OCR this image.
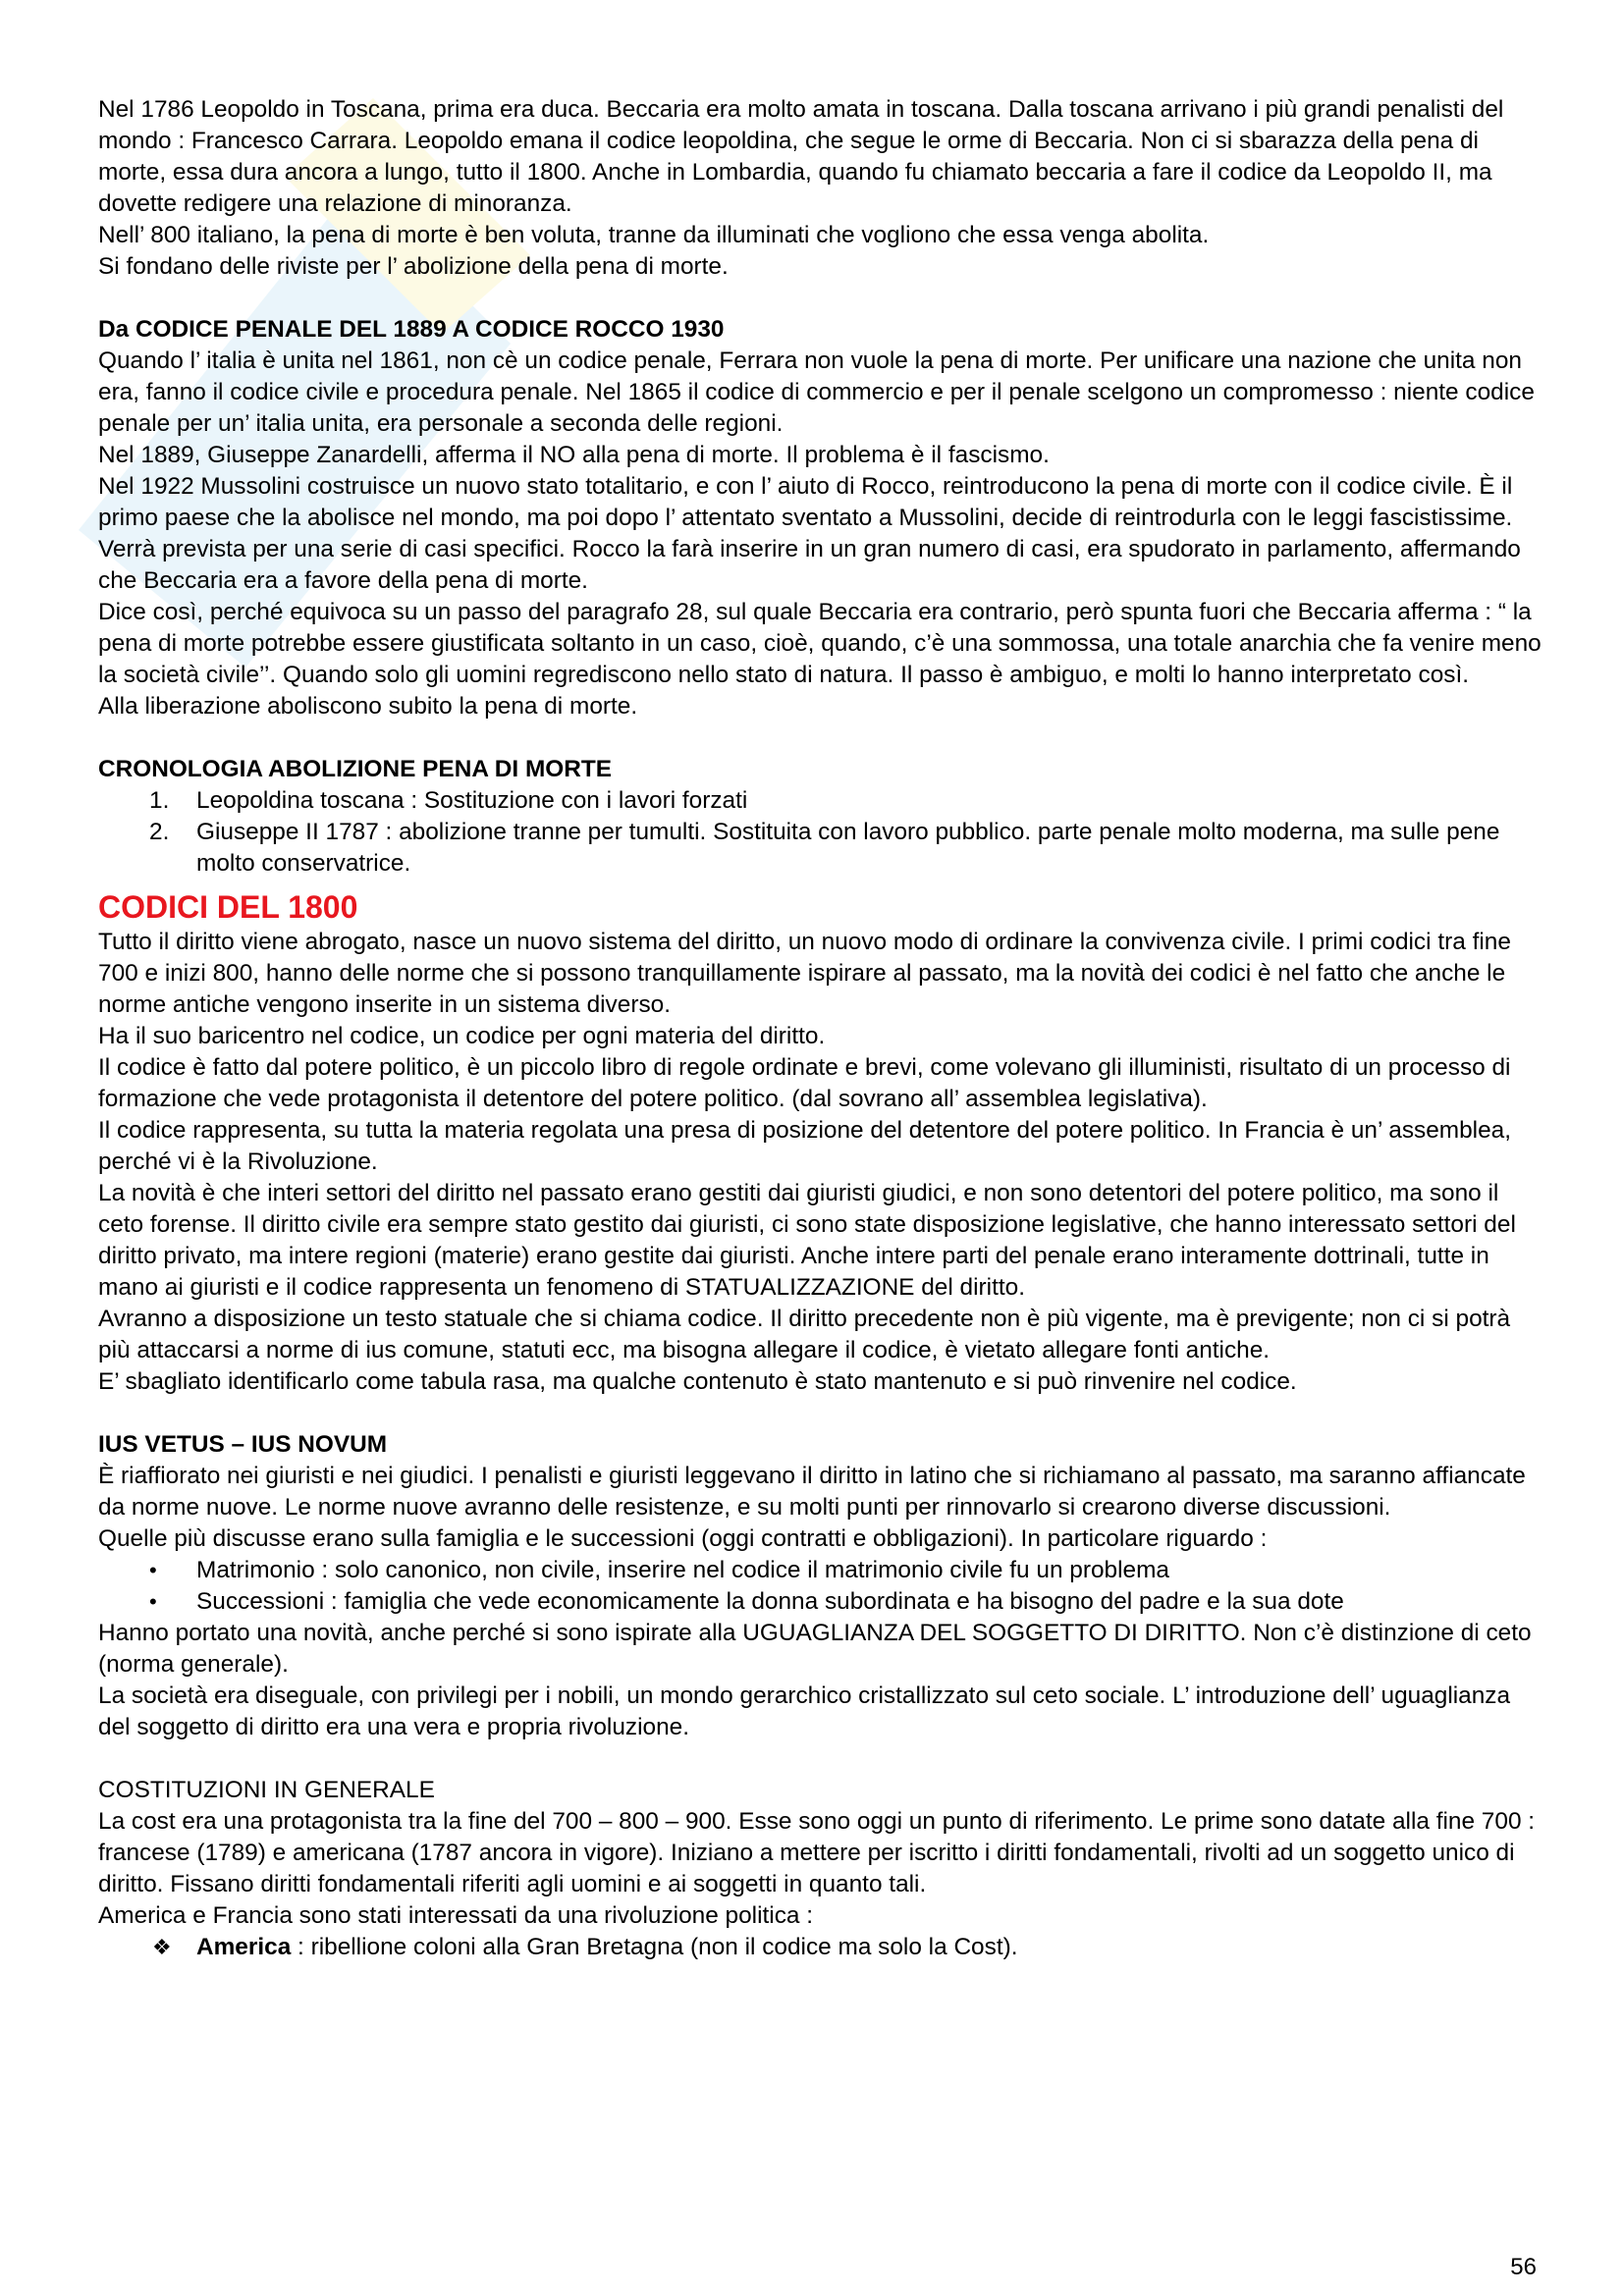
Nel 1786 Leopoldo in Toscana, prima era duca. Beccaria era molto amata in toscana. Dalla toscana arrivano i più grandi penalisti del mondo : Francesco Carrara. Leopoldo emana il codice leopoldina, che segue le orme di Beccaria. Non ci si sbarazza della pena di morte, essa dura ancora a lungo, tutto il 1800. Anche in Lombardia, quando fu chiamato beccaria a fare il codice da Leopoldo II, ma dovette redigere una relazione di minoranza.

Nell’ 800 italiano, la pena di morte è ben voluta, tranne da illuminati che vogliono che essa venga abolita.

Si fondano delle riviste per l’ abolizione della pena di morte.

Da CODICE PENALE DEL 1889 A CODICE ROCCO 1930

Quando l’ italia è unita nel 1861, non cè un codice penale, Ferrara non vuole la pena di morte. Per unificare una nazione che unita non era, fanno il codice civile e procedura penale. Nel 1865 il codice di commercio e per il penale scelgono un compromesso : niente codice penale per un’ italia unita, era personale a seconda delle regioni.

Nel 1889, Giuseppe Zanardelli, afferma il NO alla pena di morte. Il problema è il fascismo.

Nel 1922 Mussolini costruisce un nuovo stato totalitario, e con l’ aiuto di Rocco, reintroducono la pena di morte con il codice civile. È il primo paese che la abolisce nel mondo, ma poi dopo l’ attentato sventato a Mussolini, decide di reintrodurla con le leggi fascistissime. Verrà prevista per una serie di casi specifici. Rocco la farà inserire in un gran numero di casi, era spudorato in parlamento, affermando che Beccaria era a favore della pena di morte.

Dice così, perché equivoca su un passo del paragrafo 28, sul quale Beccaria era contrario, però spunta fuori che Beccaria afferma : “ la pena di morte potrebbe essere giustificata soltanto in un caso, cioè, quando, c’è una sommossa, una totale anarchia che fa venire meno la società civile’’. Quando solo gli uomini regrediscono nello stato di natura. Il passo è ambiguo, e molti lo hanno interpretato così.

Alla liberazione aboliscono subito la pena di morte.

CRONOLOGIA ABOLIZIONE PENA DI MORTE

1.	Leopoldina toscana : Sostituzione con i lavori forzati
2.	Giuseppe II 1787 : abolizione tranne per tumulti. Sostituita con lavoro pubblico. parte penale molto moderna, ma sulle pene molto conservatrice.
CODICI DEL 1800

Tutto il diritto viene abrogato, nasce un nuovo sistema del diritto, un nuovo modo di ordinare la convivenza civile. I primi codici tra fine 700 e inizi 800, hanno delle norme che si possono tranquillamente ispirare al passato, ma la novità dei codici è nel fatto che anche le norme antiche vengono inserite in un sistema diverso.

Ha il suo baricentro nel codice, un codice per ogni materia del diritto.

Il codice è fatto dal potere politico, è un piccolo libro di regole ordinate e brevi, come volevano gli illuministi, risultato di un processo di formazione che vede protagonista il detentore del potere politico. (dal sovrano all’ assemblea legislativa).

Il codice rappresenta, su tutta la materia regolata una presa di posizione del detentore del potere politico. In Francia è un’ assemblea, perché vi è la Rivoluzione.

La novità è che interi settori del diritto nel passato erano gestiti dai giuristi giudici, e non sono detentori del potere politico, ma sono il ceto forense. Il diritto civile era sempre stato gestito dai giuristi, ci sono state disposizione legislative, che hanno interessato settori del diritto privato, ma intere regioni (materie) erano gestite dai giuristi. Anche intere parti del penale erano interamente dottrinali, tutte in mano ai giuristi e il codice rappresenta un fenomeno di STATUALIZZAZIONE del diritto.

Avranno a disposizione un testo statuale che si chiama codice. Il diritto precedente non è più vigente, ma è previgente; non ci si potrà più attaccarsi a norme di ius comune, statuti ecc, ma bisogna allegare il codice, è vietato allegare fonti antiche.

E’ sbagliato identificarlo come tabula rasa, ma qualche contenuto è stato mantenuto e si può rinvenire nel codice.

IUS VETUS – IUS NOVUM

È riaffiorato nei giuristi e nei giudici. I penalisti e giuristi leggevano il diritto in latino che si richiamano al passato, ma saranno affiancate da norme nuove. Le norme nuove avranno delle resistenze, e su molti punti per rinnovarlo si crearono diverse discussioni.

Quelle più discusse erano sulla famiglia e le successioni (oggi contratti e obbligazioni). In particolare riguardo :

•	Matrimonio : solo canonico, non civile, inserire nel codice il matrimonio civile fu un problema
•	Successioni : famiglia che vede economicamente la donna subordinata e ha bisogno del padre e la sua dote

Hanno portato una novità, anche perché si sono ispirate alla UGUAGLIANZA DEL SOGGETTO DI DIRITTO. Non c’è distinzione di ceto (norma generale).

La società era diseguale, con privilegi per i nobili, un mondo gerarchico cristallizzato sul ceto sociale. L’ introduzione dell’ uguaglianza del soggetto di diritto era una vera e propria rivoluzione.

COSTITUZIONI IN GENERALE

La cost era una protagonista tra la fine del 700 – 800 – 900. Esse sono oggi un punto di riferimento. Le prime sono datate alla fine 700 : francese (1789) e americana (1787 ancora in vigore). Iniziano a mettere per iscritto i diritti fondamentali, rivolti ad un soggetto unico di diritto. Fissano diritti fondamentali riferiti agli uomini e ai soggetti in quanto tali.

America e Francia sono stati interessati da una rivoluzione politica :

❖	America : ribellione coloni alla Gran Bretagna (non il codice ma solo la Cost).
56
